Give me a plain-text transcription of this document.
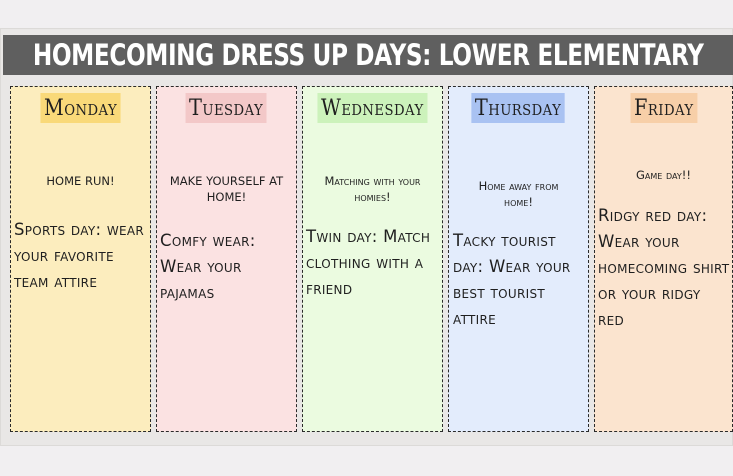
HOMECOMING DRESS UP DAYS: LOWER ELEMENTARY
Monday
HOME RUN!
Sports day: wear your favorite team attire
Tuesday
MAKE YOURSELF AT HOME!
Comfy wear: Wear your pajamas
Wednesday
Matching with your homies!
Twin day: Match clothing with a friend
Thursday
Home away from home!
Tacky tourist day: Wear your best tourist attire
Friday
Game day!!
Ridgy red day: Wear your homecoming shirt or your ridgy red
